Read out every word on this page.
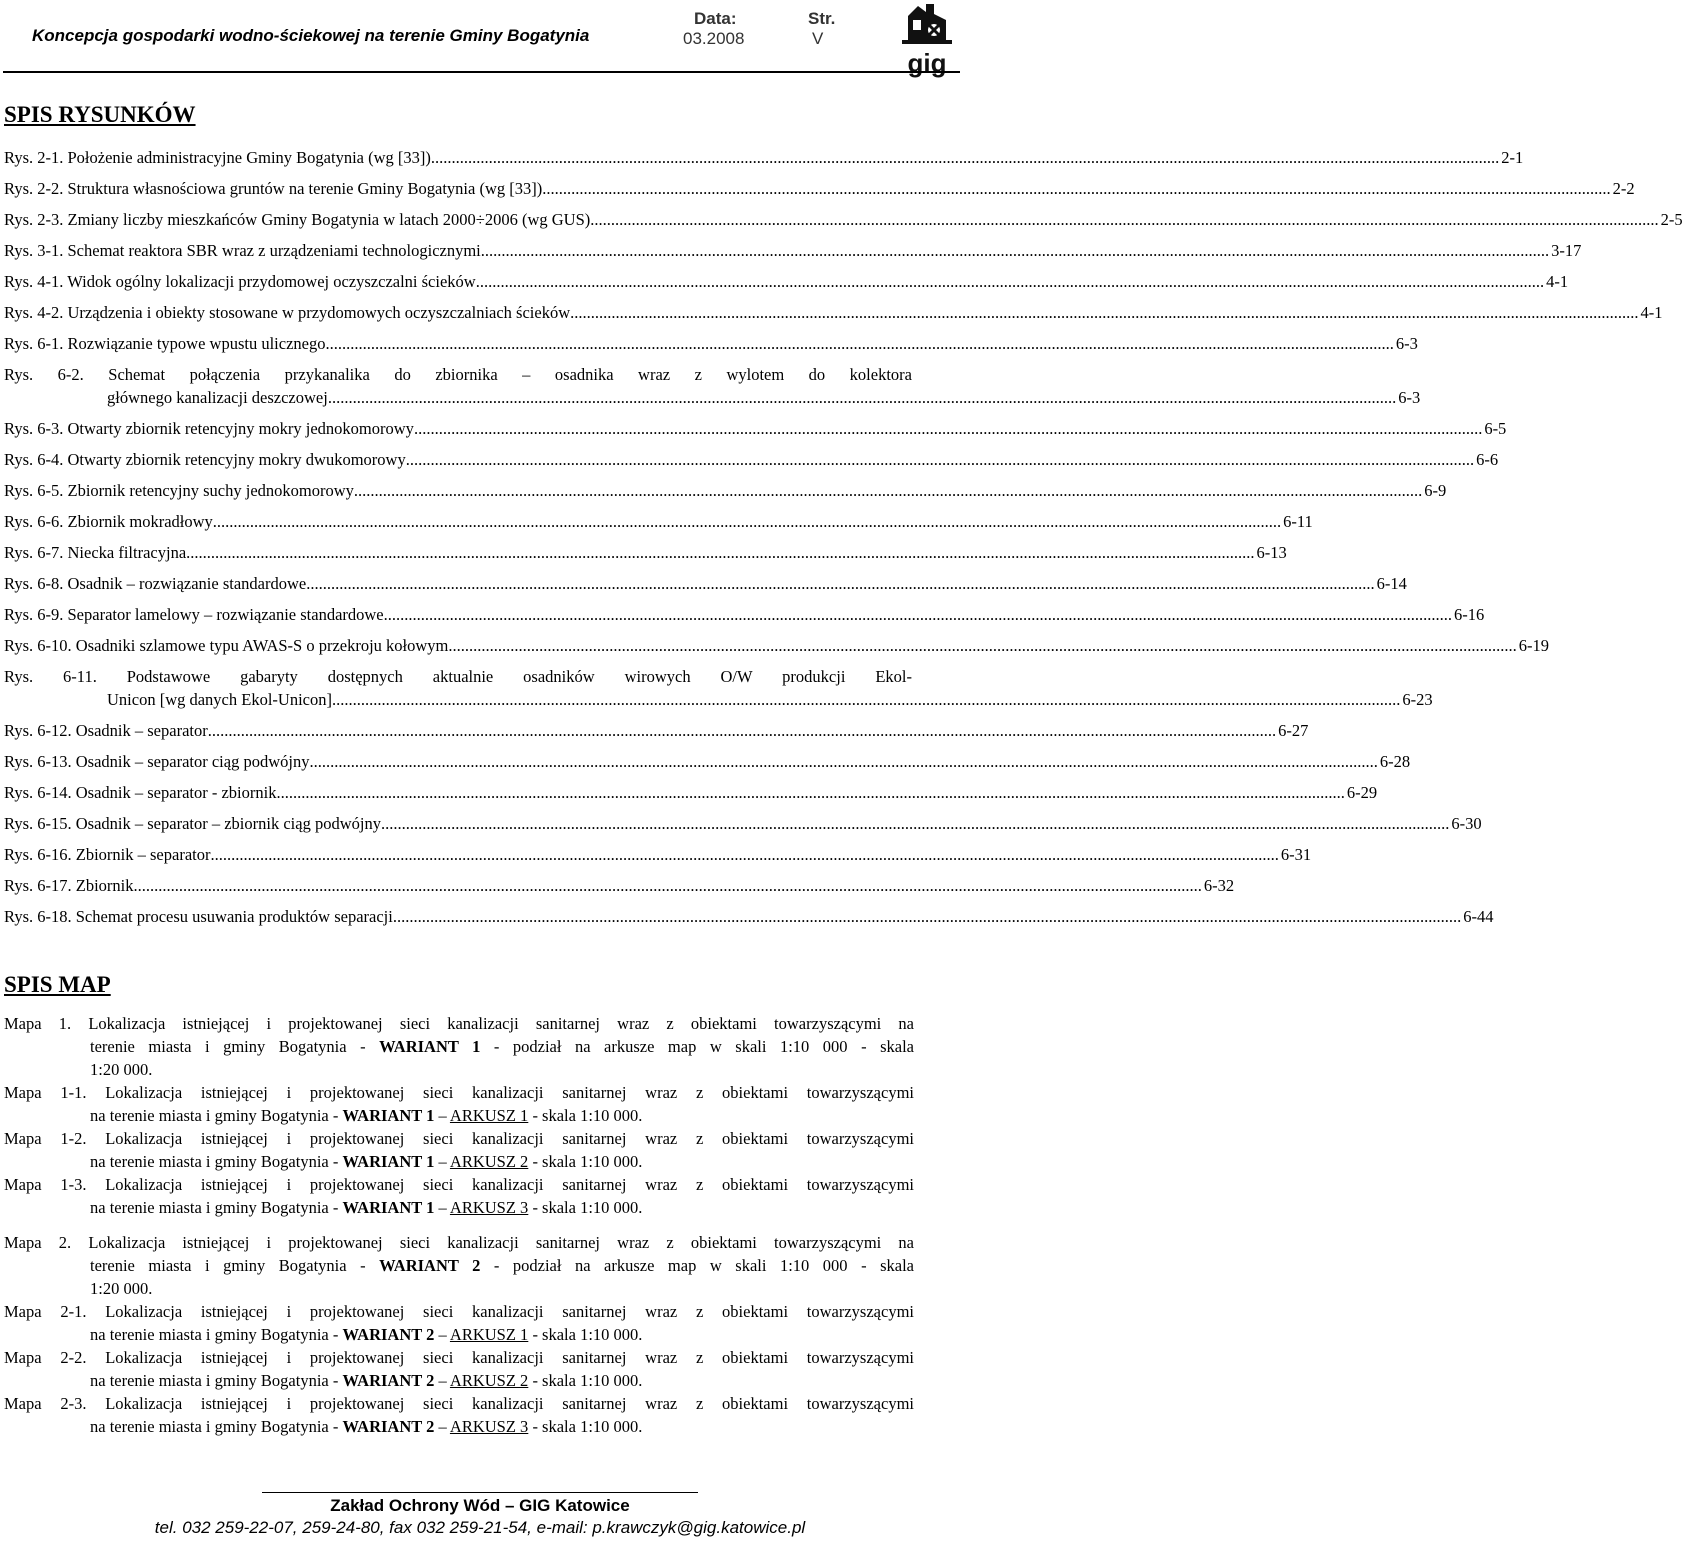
Koncepcja gospodarki wodno-ściekowej na terenie Gminy Bogatynia
Data:
03.2008
Str.
V
gig
SPIS RYSUNKÓW
Rys. 2-1. Położenie administracyjne Gminy Bogatynia (wg [33]) .....	2-1
Rys. 2-2. Struktura własnościowa gruntów na terenie Gminy Bogatynia (wg [33]) .....	2-2
Rys. 2-3. Zmiany liczby mieszkańców Gminy Bogatynia w latach 2000÷2006 (wg GUS) .....	2-5
Rys. 3-1. Schemat reaktora SBR wraz z urządzeniami technologicznymi .....	3-17
Rys. 4-1. Widok ogólny lokalizacji przydomowej oczyszczalni ścieków .....	4-1
Rys. 4-2. Urządzenia i obiekty stosowane w przydomowych oczyszczalniach ścieków .....	4-1
Rys. 6-1. Rozwiązanie typowe wpustu ulicznego .....	6-3
Rys. 6-2. Schemat połączenia przykanalika do zbiornika – osadnika wraz z wylotem do kolektora
głównego kanalizacji deszczowej .....	6-3
Rys. 6-3. Otwarty zbiornik retencyjny mokry jednokomorowy .....	6-5
Rys. 6-4. Otwarty zbiornik retencyjny mokry dwukomorowy .....	6-6
Rys. 6-5. Zbiornik retencyjny suchy jednokomorowy .....	6-9
Rys. 6-6. Zbiornik mokradłowy .....	6-11
Rys. 6-7. Niecka filtracyjna .....	6-13
Rys. 6-8. Osadnik – rozwiązanie standardowe .....	6-14
Rys. 6-9. Separator lamelowy – rozwiązanie standardowe .....	6-16
Rys. 6-10. Osadniki szlamowe typu AWAS-S o przekroju kołowym .....	6-19
Rys. 6-11. Podstawowe gabaryty dostępnych aktualnie osadników wirowych O/W produkcji Ekol-
Unicon [wg danych Ekol-Unicon] .....	6-23
Rys. 6-12. Osadnik – separator .....	6-27
Rys. 6-13. Osadnik – separator ciąg podwójny .....	6-28
Rys. 6-14. Osadnik – separator - zbiornik .....	6-29
Rys. 6-15. Osadnik – separator – zbiornik ciąg podwójny .....	6-30
Rys. 6-16. Zbiornik – separator .....	6-31
Rys. 6-17. Zbiornik .....	6-32
Rys. 6-18. Schemat procesu usuwania produktów separacji .....	6-44
SPIS MAP
Mapa 1. Lokalizacja istniejącej i projektowanej sieci kanalizacji sanitarnej wraz z obiektami towarzyszącymi na
terenie miasta i gminy Bogatynia - WARIANT 1 - podział na arkusze map w skali 1:10 000 - skala
1:20 000.
Mapa 1-1. Lokalizacja istniejącej i projektowanej sieci kanalizacji sanitarnej wraz z obiektami towarzyszącymi
na terenie miasta i gminy Bogatynia - WARIANT 1 – ARKUSZ 1 - skala 1:10 000.
Mapa 1-2. Lokalizacja istniejącej i projektowanej sieci kanalizacji sanitarnej wraz z obiektami towarzyszącymi
na terenie miasta i gminy Bogatynia - WARIANT 1 – ARKUSZ 2 - skala 1:10 000.
Mapa 1-3. Lokalizacja istniejącej i projektowanej sieci kanalizacji sanitarnej wraz z obiektami towarzyszącymi
na terenie miasta i gminy Bogatynia - WARIANT 1 – ARKUSZ 3 - skala 1:10 000.
Mapa 2. Lokalizacja istniejącej i projektowanej sieci kanalizacji sanitarnej wraz z obiektami towarzyszącymi na
terenie miasta i gminy Bogatynia - WARIANT 2 - podział na arkusze map w skali 1:10 000 - skala
1:20 000.
Mapa 2-1. Lokalizacja istniejącej i projektowanej sieci kanalizacji sanitarnej wraz z obiektami towarzyszącymi
na terenie miasta i gminy Bogatynia - WARIANT 2 – ARKUSZ 1 - skala 1:10 000.
Mapa 2-2. Lokalizacja istniejącej i projektowanej sieci kanalizacji sanitarnej wraz z obiektami towarzyszącymi
na terenie miasta i gminy Bogatynia - WARIANT 2 – ARKUSZ 2 - skala 1:10 000.
Mapa 2-3. Lokalizacja istniejącej i projektowanej sieci kanalizacji sanitarnej wraz z obiektami towarzyszącymi
na terenie miasta i gminy Bogatynia - WARIANT 2 – ARKUSZ 3 - skala 1:10 000.
Zakład Ochrony Wód – GIG Katowice
tel. 032 259-22-07, 259-24-80, fax 032 259-21-54, e-mail: p.krawczyk@gig.katowice.pl
